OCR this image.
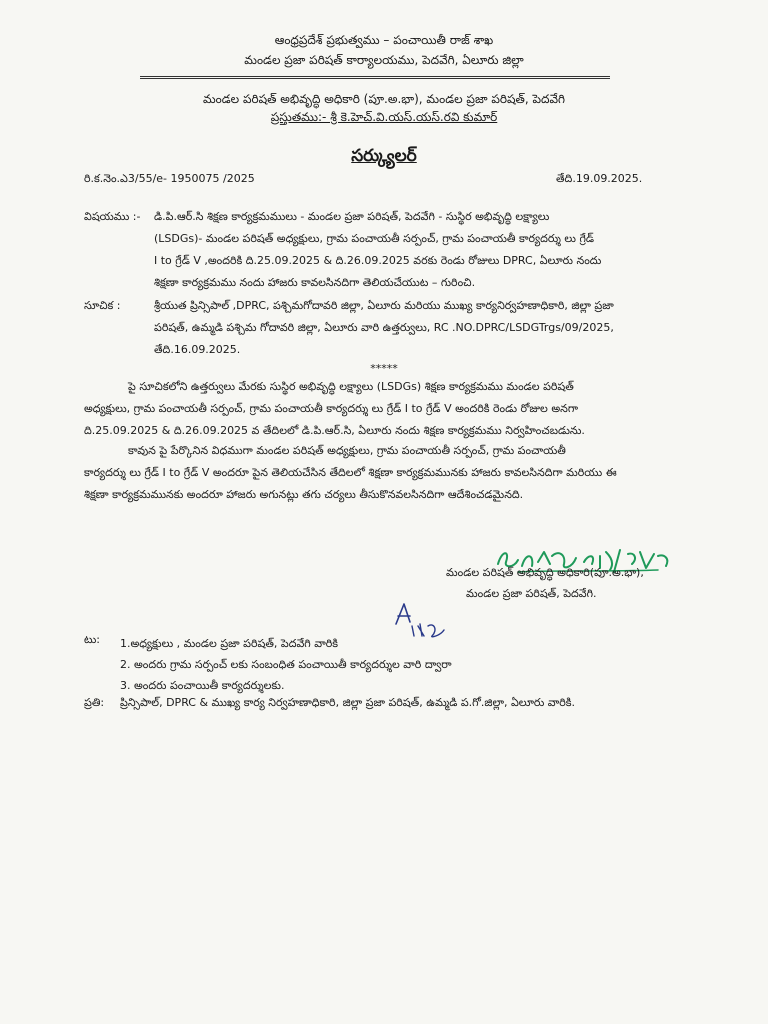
ఆంధ్రప్రదేశ్ ప్రభుత్వము – పంచాయితీ రాజ్ శాఖ
మండల ప్రజా పరిషత్ కార్యాలయము, పెదవేగి, ఏలూరు జిల్లా
మండల పరిషత్ అభివృద్ధి అధికారి (పూ.అ.భా), మండల ప్రజా పరిషత్, పెదవేగి
ప్రస్తుతము:- శ్రీ కె.హెచ్.వి.యస్.యస్.రవి కుమార్
సర్క్యులర్
రి.క.నెం.ఎ3/55/e- 1950075 /2025	తేది.19.09.2025.
విషయము :-	డి.పి.ఆర్.సి శిక్షణ కార్యక్రమములు - మండల ప్రజా పరిషత్, పెదవేగి - సుస్థిర అభివృద్ధి లక్ష్యాలు
(LSDGs)- మండల పరిషత్ అధ్యక్షులు, గ్రామ పంచాయతీ సర్పంచ్, గ్రామ పంచాయతీ కార్యదర్శు లు గ్రేడ్
I to గ్రేడ్ V ,అందరికి ది.25.09.2025 & ది.26.09.2025 వరకు రెండు రోజులు DPRC, ఏలూరు నందు
శిక్షణా కార్యక్రమము నందు హాజరు కావలసినదిగా తెలియచేయుట – గురించి.
సూచిక :	శ్రీయుత ప్రిన్సిపాల్ ,DPRC, పశ్చిమగోదావరి జిల్లా, ఏలూరు మరియు ముఖ్య కార్యనిర్వహణాధికారి, జిల్లా ప్రజా
పరిషత్, ఉమ్మడి పశ్చిమ గోదావరి జిల్లా, ఏలూరు వారి ఉత్తర్వులు, RC .NO.DPRC/LSDGTrgs/09/2025,
తేది.16.09.2025.
*****
పై సూచికలోని ఉత్తర్వులు మేరకు సుస్థిర అభివృద్ధి లక్ష్యాలు (LSDGs) శిక్షణ కార్యక్రమము మండల పరిషత్
అధ్యక్షులు, గ్రామ పంచాయతీ సర్పంచ్, గ్రామ పంచాయతీ కార్యదర్శు లు గ్రేడ్ I to గ్రేడ్ V అందరికి రెండు రోజుల అనగా
ది.25.09.2025 & ది.26.09.2025 వ తేదిలలో డి.పి.ఆర్.సి, ఏలూరు నందు శిక్షణ కార్యక్రమము నిర్వహించబడును.
కావున పై పేర్కొనిన విధముగా మండల పరిషత్ అధ్యక్షులు, గ్రామ పంచాయతీ సర్పంచ్, గ్రామ పంచాయతీ
కార్యదర్శు లు గ్రేడ్ I to గ్రేడ్ V అందరూ పైన తెలియచేసిన తేదిలలో శిక్షణా కార్యక్రమమునకు హాజరు కావలసినదిగా మరియు ఈ
శిక్షణా కార్యక్రమమునకు అందరూ హాజరు అగునట్లు తగు చర్యలు తీసుకొనవలసినదిగా ఆదేశించడమైనది.
మండల పరిషత్ అభివృద్ధి అధికారి(పూ.అ.భా),
మండల ప్రజా పరిషత్, పెదవేగి.
టు:	1.అధ్యక్షులు , మండల ప్రజా పరిషత్, పెదవేగి వారికి
2. అందరు గ్రామ సర్పంచ్ లకు సంబంధిత పంచాయితీ కార్యదర్శుల వారి ద్వారా
3. అందరు పంచాయితీ కార్యదర్శులకు.
ప్రతి:	ప్రిన్సిపాల్, DPRC & ముఖ్య కార్య నిర్వహణాధికారి, జిల్లా ప్రజా పరిషత్, ఉమ్మడి ప.గో.జిల్లా, ఏలూరు వారికి.
